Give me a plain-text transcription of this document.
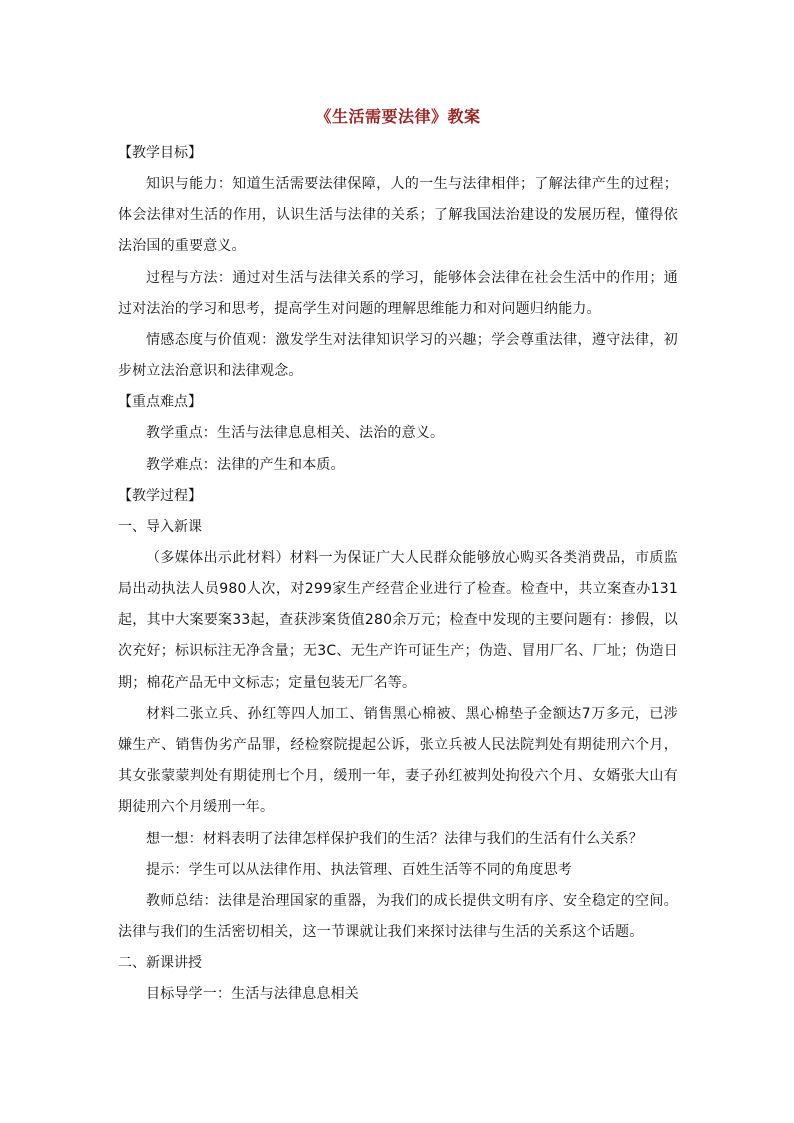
《生活需要法律》教案

【教学目标】

知识与能力：知道生活需要法律保障，人的一生与法律相伴；了解法律产生的过程；体会法律对生活的作用，认识生活与法律的关系；了解我国法治建设的发展历程，懂得依法治国的重要意义。

过程与方法：通过对生活与法律关系的学习，能够体会法律在社会生活中的作用；通过对法治的学习和思考，提高学生对问题的理解思维能力和对问题归纳能力。

情感态度与价值观：激发学生对法律知识学习的兴趣；学会尊重法律，遵守法律，初步树立法治意识和法律观念。

【重点难点】

教学重点：生活与法律息息相关、法治的意义。

教学难点：法律的产生和本质。

【教学过程】

一、导入新课

（多媒体出示此材料）材料一为保证广大人民群众能够放心购买各类消费品，市质监局出动执法人员980人次，对299家生产经营企业进行了检查。检查中，共立案查办131起，其中大案要案33起，查获涉案货值280余万元；检查中发现的主要问题有：掺假，以次充好；标识标注无净含量；无3C、无生产许可证生产；伪造、冒用厂名、厂址；伪造日期；棉花产品无中文标志；定量包装无厂名等。

材料二张立兵、孙红等四人加工、销售黑心棉被、黑心棉垫子金额达7万多元，已涉嫌生产、销售伪劣产品罪，经检察院提起公诉，张立兵被人民法院判处有期徒刑六个月，其女张蒙蒙判处有期徒刑七个月，缓刑一年，妻子孙红被判处拘役六个月、女婿张大山有期徒刑六个月缓刑一年。

想一想：材料表明了法律怎样保护我们的生活？法律与我们的生活有什么关系？

提示：学生可以从法律作用、执法管理、百姓生活等不同的角度思考

教师总结：法律是治理国家的重器，为我们的成长提供文明有序、安全稳定的空间。法律与我们的生活密切相关，这一节课就让我们来探讨法律与生活的关系这个话题。

二、新课讲授

目标导学一：生活与法律息息相关
